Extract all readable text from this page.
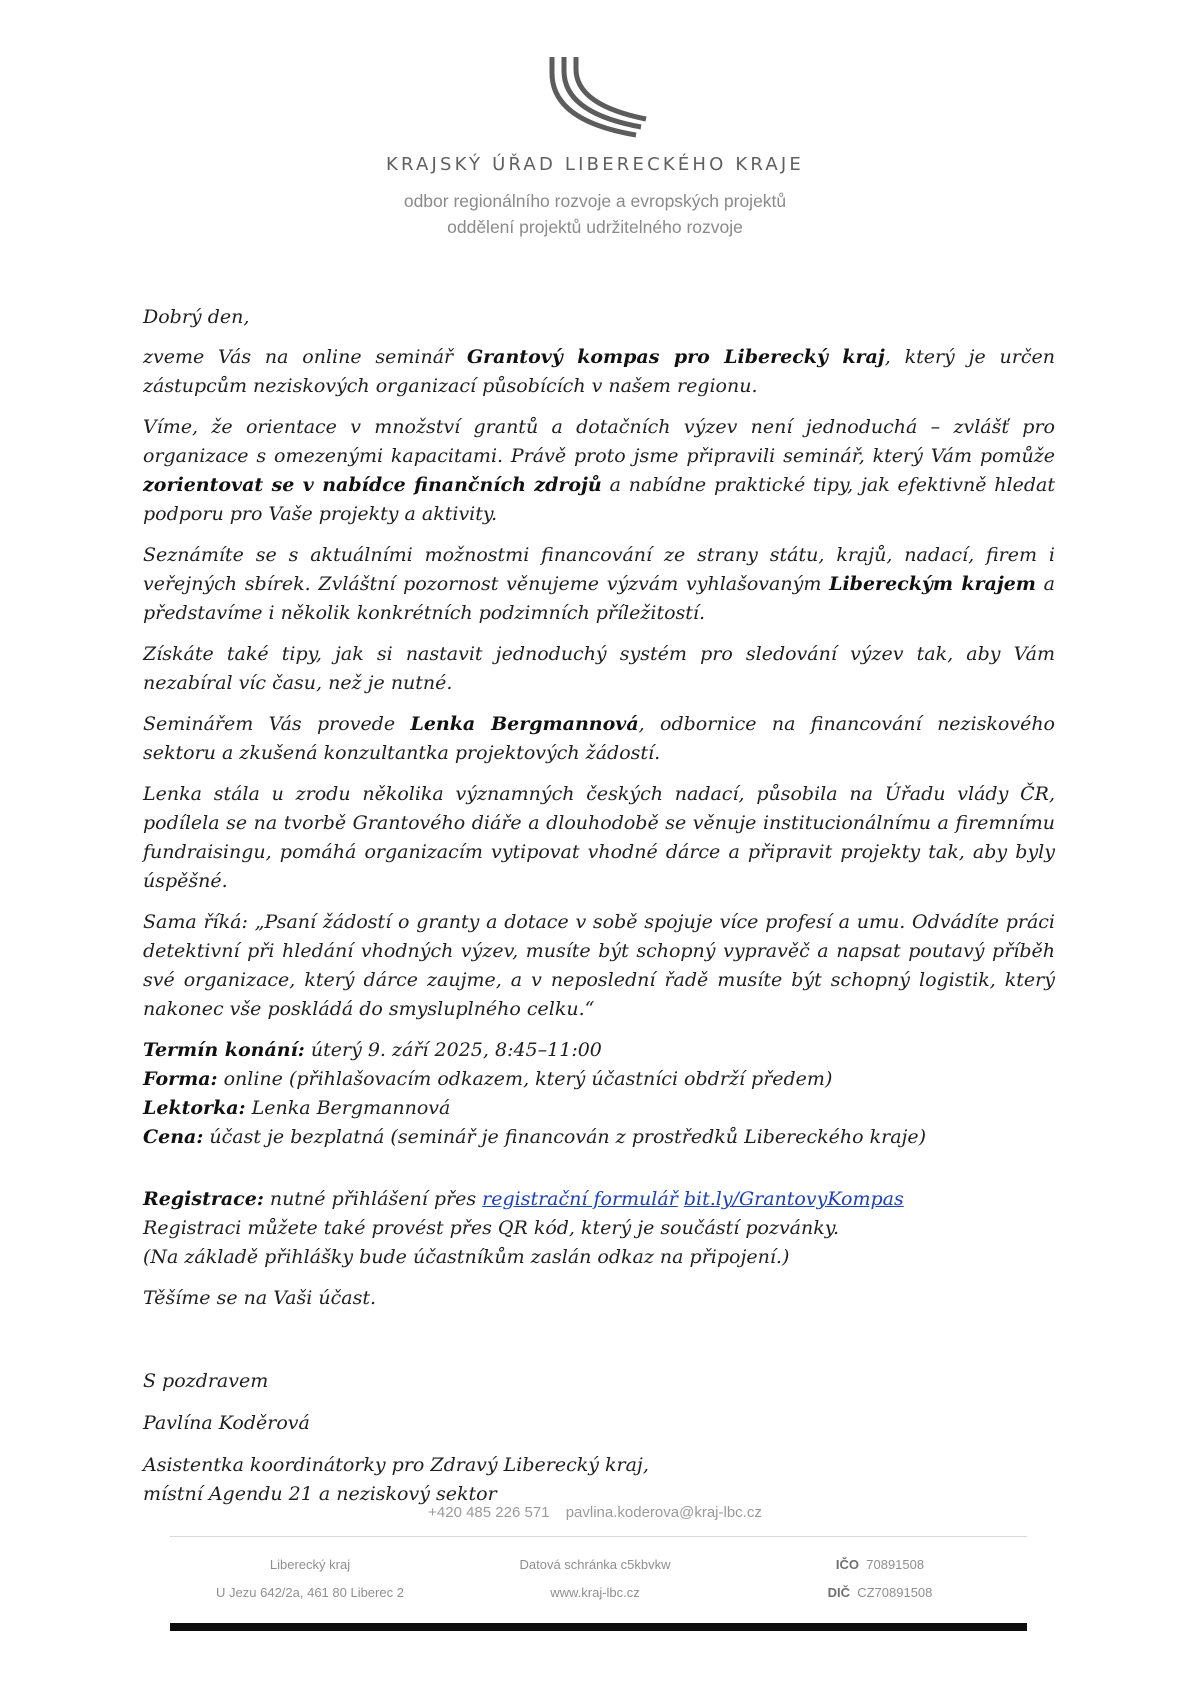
KRAJSKÝ ÚŘAD LIBERECKÉHO KRAJE
odbor regionálního rozvoje a evropských projektů
oddělení projektů udržitelného rozvoje

Dobrý den,

zveme Vás na online seminář Grantový kompas pro Liberecký kraj, který je určen zástupcům neziskových organizací působících v našem regionu.

Víme, že orientace v množství grantů a dotačních výzev není jednoduchá – zvlášť pro organizace s omezenými kapacitami. Právě proto jsme připravili seminář, který Vám pomůže zorientovat se v nabídce finančních zdrojů a nabídne praktické tipy, jak efektivně hledat podporu pro Vaše projekty a aktivity.

Seznámíte se s aktuálními možnostmi financování ze strany státu, krajů, nadací, firem i veřejných sbírek. Zvláštní pozornost věnujeme výzvám vyhlašovaným Libereckým krajem a představíme i několik konkrétních podzimních příležitostí.

Získáte také tipy, jak si nastavit jednoduchý systém pro sledování výzev tak, aby Vám nezabíral víc času, než je nutné.

Seminářem Vás provede Lenka Bergmannová, odbornice na financování neziskového sektoru a zkušená konzultantka projektových žádostí.

Lenka stála u zrodu několika významných českých nadací, působila na Úřadu vlády ČR, podílela se na tvorbě Grantového diáře a dlouhodobě se věnuje institucionálnímu a firemnímu fundraisingu, pomáhá organizacím vytipovat vhodné dárce a připravit projekty tak, aby byly úspěšné.

Sama říká: „Psaní žádostí o granty a dotace v sobě spojuje více profesí a umu. Odvádíte práci detektivní při hledání vhodných výzev, musíte být schopný vypravěč a napsat poutavý příběh své organizace, který dárce zaujme, a v neposlední řadě musíte být schopný logistik, který nakonec vše poskládá do smysluplného celku.“

Termín konání: úterý 9. září 2025, 8:45–11:00

Forma: online (přihlašovacím odkazem, který účastníci obdrží předem)

Lektorka: Lenka Bergmannová

Cena: účast je bezplatná (seminář je financován z prostředků Libereckého kraje)

Registrace: nutné přihlášení přes registrační formulář bit.ly/GrantovyKompas

Registraci můžete také provést přes QR kód, který je součástí pozvánky.

(Na základě přihlášky bude účastníkům zaslán odkaz na připojení.)

Těšíme se na Vaši účast.

S pozdravem

Pavlína Koděrová

Asistentka koordinátorky pro Zdravý Liberecký kraj,

místní Agendu 21 a neziskový sektor

+420 485 226 571 pavlina.koderova@kraj-lbc.cz
Liberecký kraj
U Jezu 642/2a, 461 80 Liberec 2
Datová schránka c5kbvkw
www.kraj-lbc.cz
IČO 70891508
DIČ CZ70891508
